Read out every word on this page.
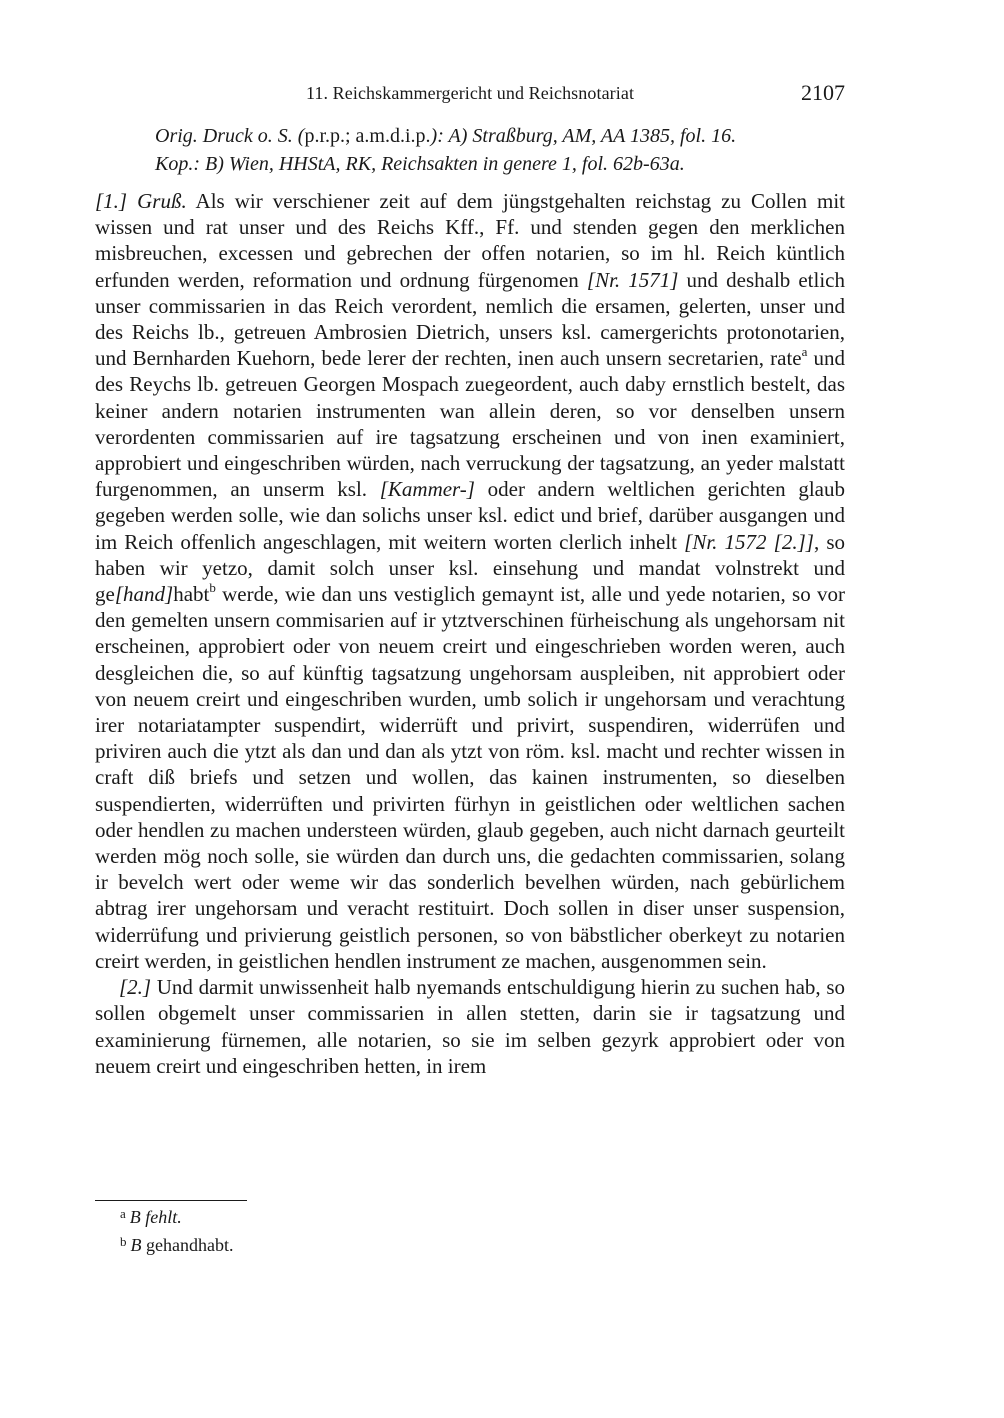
11. Reichskammergericht und Reichsnotariat	2107
Orig. Druck o. S. (p.r.p.; a.m.d.i.p.): A) Straßburg, AM, AA 1385, fol. 16.
Kop.: B) Wien, HHStA, RK, Reichsakten in genere 1, fol. 62b-63a.

[1.] Gruß. Als wir verschiener zeit auf dem jüngstgehalten reichstag zu Collen mit wissen und rat unser und des Reichs Kff., Ff. und stenden gegen den merklichen misbreuchen, excessen und gebrechen der offen notarien, so im hl. Reich küntlich erfunden werden, reformation und ordnung fürgenomen [Nr. 1571] und deshalb etlich unser commissarien in das Reich verordent, nemlich die ersamen, gelerten, unser und des Reichs lb., getreuen Ambrosien Dietrich, unsers ksl. camergerichts protonotarien, und Bernharden Kuehorn, bede lerer der rechten, inen auch unsern secretarien, rate$^a$ und des Reychs lb. getreuen Georgen Mospach zuegeordent, auch daby ernstlich bestelt, das keiner andern notarien instrumenten wan allein deren, so vor denselben unsern verordenten commissarien auf ire tagsatzung erscheinen und von inen examiniert, approbiert und eingeschriben würden, nach verruckung der tagsatzung, an yeder malstatt furgenommen, an unserm ksl. [Kammer-] oder andern weltlichen gerichten glaub gegeben werden solle, wie dan solichs unser ksl. edict und brief, darüber ausgangen und im Reich offenlich angeschlagen, mit weitern worten clerlich inhelt [Nr. 1572 [2.]], so haben wir yetzo, damit solch unser ksl. einsehung und mandat volnstrekt und ge[hand]habt$^b$ werde, wie dan uns vestiglich gemaynt ist, alle und yede notarien, so vor den gemelten unsern commisarien auf ir ytztverschinen fürheischung als ungehorsam nit erscheinen, approbiert oder von neuem creirt und eingeschrieben worden weren, auch desgleichen die, so auf künftig tagsatzung ungehorsam auspleiben, nit approbiert oder von neuem creirt und eingeschriben wurden, umb solich ir ungehorsam und verachtung irer notariatampter suspendirt, widerrüft und privirt, suspendiren, widerrüfen und priviren auch die ytzt als dan und dan als ytzt von röm. ksl. macht und rechter wissen in craft diß briefs und setzen und wollen, das kainen instrumenten, so dieselben suspendierten, widerrüften und privirten fürhyn in geistlichen oder weltlichen sachen oder hendlen zu machen understeen würden, glaub gegeben, auch nicht darnach geurteilt werden mög noch solle, sie würden dan durch uns, die gedachten commissarien, solang ir bevelch wert oder weme wir das sonderlich bevelhen würden, nach gebürlichem abtrag irer ungehorsam und veracht restituirt. Doch sollen in diser unser suspension, widerrüfung und privierung geistlich personen, so von bäbstlicher oberkeyt zu notarien creirt werden, in geistlichen hendlen instrument ze machen, ausgenommen sein.

[2.] Und darmit unwissenheit halb nyemands entschuldigung hierin zu suchen hab, so sollen obgemelt unser commissarien in allen stetten, darin sie ir tagsatzung und examinierung fürnemen, alle notarien, so sie im selben gezyrk approbiert oder von neuem creirt und eingeschriben hetten, in irem

$^a$ B fehlt.
$^b$ B gehandhabt.
